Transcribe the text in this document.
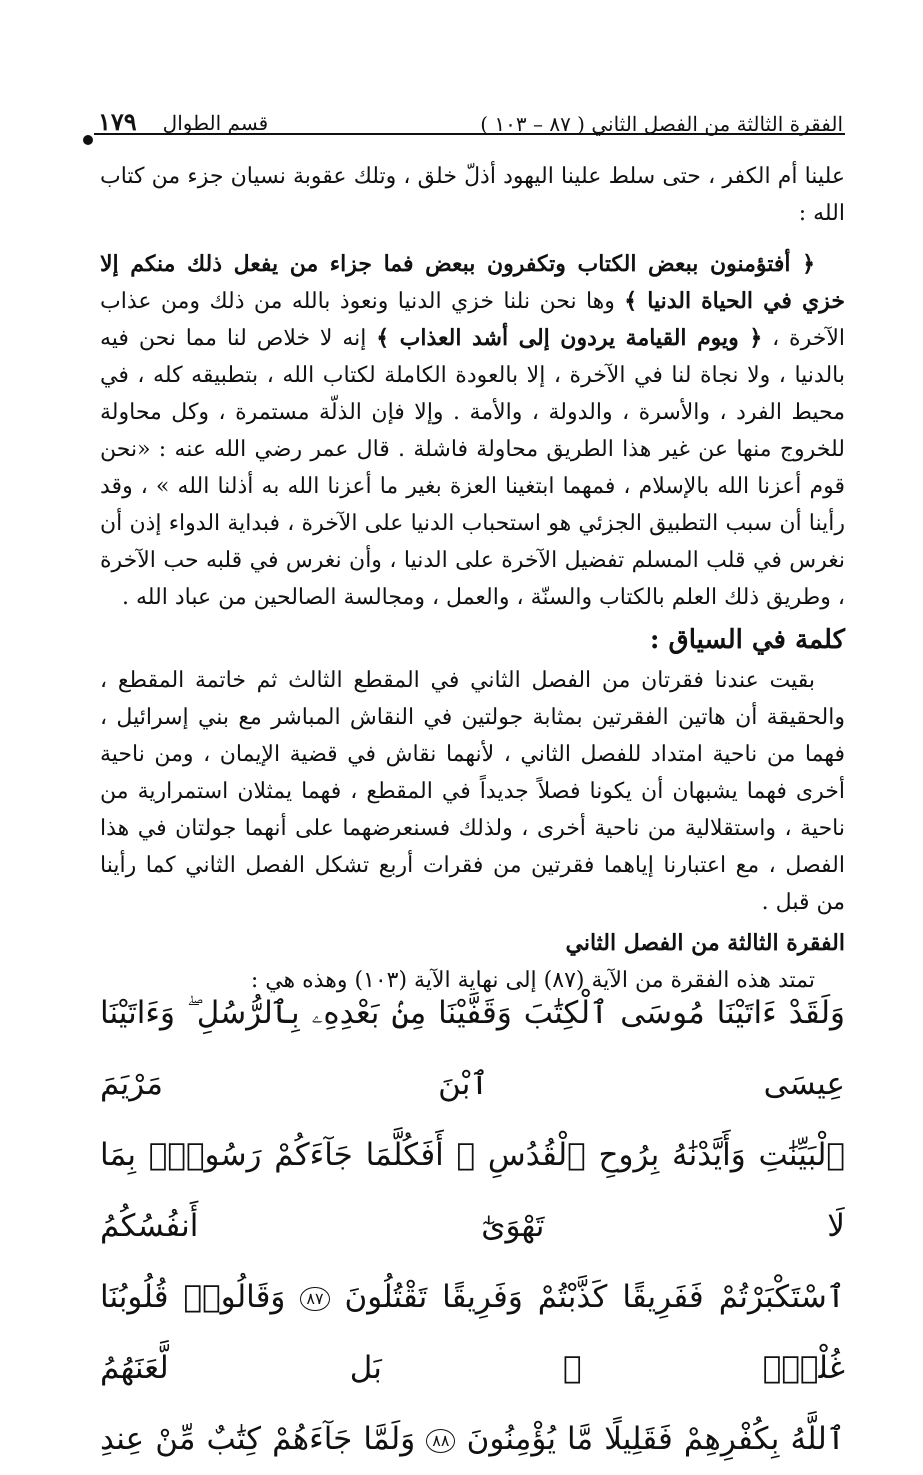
الفقرة الثالثة من الفصل الثاني ( ٨٧ – ١٠٣ )
قسم الطوال
١٧٩

علينا أم الكفر ، حتى سلط علينا اليهود أذلّ خلق ، وتلك عقوبة نسيان جزء من كتاب الله :

﴿ أفتؤمنون ببعض الكتاب وتكفرون ببعض فما جزاء من يفعل ذلك منكم إلا خزي في الحياة الدنيا ﴾ وها نحن نلنا خزي الدنيا ونعوذ بالله من ذلك ومن عذاب الآخرة ، ﴿ ويوم القيامة يردون إلى أشد العذاب ﴾ إنه لا خلاص لنا مما نحن فيه بالدنيا ، ولا نجاة لنا في الآخرة ، إلا بالعودة الكاملة لكتاب الله ، بتطبيقه كله ، في محيط الفرد ، والأسرة ، والدولة ، والأمة . وإلا فإن الذلّة مستمرة ، وكل محاولة للخروج منها عن غير هذا الطريق محاولة فاشلة . قال عمر رضي الله عنه : «نحن قوم أعزنا الله بالإسلام ، فمهما ابتغينا العزة بغير ما أعزنا الله به أذلنا الله » ، وقد رأينا أن سبب التطبيق الجزئي هو استحباب الدنيا على الآخرة ، فبداية الدواء إذن أن نغرس في قلب المسلم تفضيل الآخرة على الدنيا ، وأن نغرس في قلبه حب الآخرة ، وطريق ذلك العلم بالكتاب والسنّة ، والعمل ، ومجالسة الصالحين من عباد الله .

كلمة في السياق :

بقيت عندنا فقرتان من الفصل الثاني في المقطع الثالث ثم خاتمة المقطع ، والحقيقة أن هاتين الفقرتين بمثابة جولتين في النقاش المباشر مع بني إسرائيل ، فهما من ناحية امتداد للفصل الثاني ، لأنهما نقاش في قضية الإيمان ، ومن ناحية أخرى فهما يشبهان أن يكونا فصلاً جديداً في المقطع ، فهما يمثلان استمرارية من ناحية ، واستقلالية من ناحية أخرى ، ولذلك فسنعرضهما على أنهما جولتان في هذا الفصل ، مع اعتبارنا إياهما فقرتين من فقرات أربع تشكل الفصل الثاني كما رأينا من قبل .

الفقرة الثالثة من الفصل الثاني

تمتد هذه الفقرة من الآية (٨٧) إلى نهاية الآية (١٠٣) وهذه هي :

وَلَقَدْ ءَاتَيْنَا مُوسَى ٱلْكِتَٰبَ وَقَفَّيْنَا مِنۢ بَعْدِهِۦ بِٱلرُّسُلِ ۖ وَءَاتَيْنَا عِيسَى ٱبْنَ مَرْيَمَ

ٱلْبَيِّنَٰتِ وَأَيَّدْنَٰهُ بِرُوحِ ٱلْقُدُسِ ۗ أَفَكُلَّمَا جَآءَكُمْ رَسُولٌۢ بِمَا لَا تَهْوَىٰٓ أَنفُسُكُمُ

ٱسْتَكْبَرْتُمْ فَفَرِيقًا كَذَّبْتُمْ وَفَرِيقًا تَقْتُلُونَ ٨٧ وَقَالُوا۟ قُلُوبُنَا غُلْفٌۢ ۚ بَل لَّعَنَهُمُ

ٱللَّهُ بِكُفْرِهِمْ فَقَلِيلًا مَّا يُؤْمِنُونَ ٨٨ وَلَمَّا جَآءَهُمْ كِتَٰبٌ مِّنْ عِندِ
